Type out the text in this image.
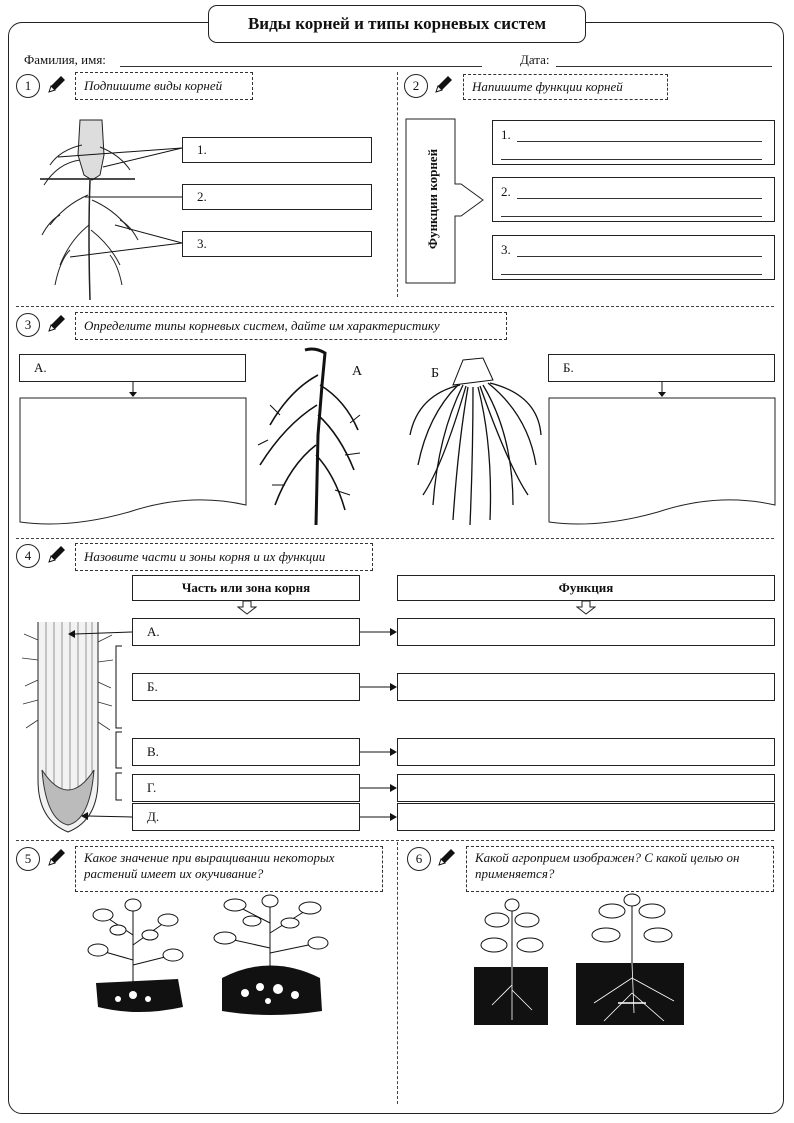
Виды корней и типы корневых систем
Фамилия, имя:	Дата:
1	Подпишите виды корней
1.
2.
3.
2	Напишите функции корней
Функции корней
1.
2.
3.
3	Определите типы корневых систем, дайте им характеристику
А.	А	Б	Б.
4	Назовите части и зоны корня и их функции
Часть или зона корня	Функция
А.
Б.
В.
Г.
Д.
5	Какое значение при выращивании некоторых растений имеет их окучивание?
6	Какой агроприем изображен? С какой целью он применяется?
